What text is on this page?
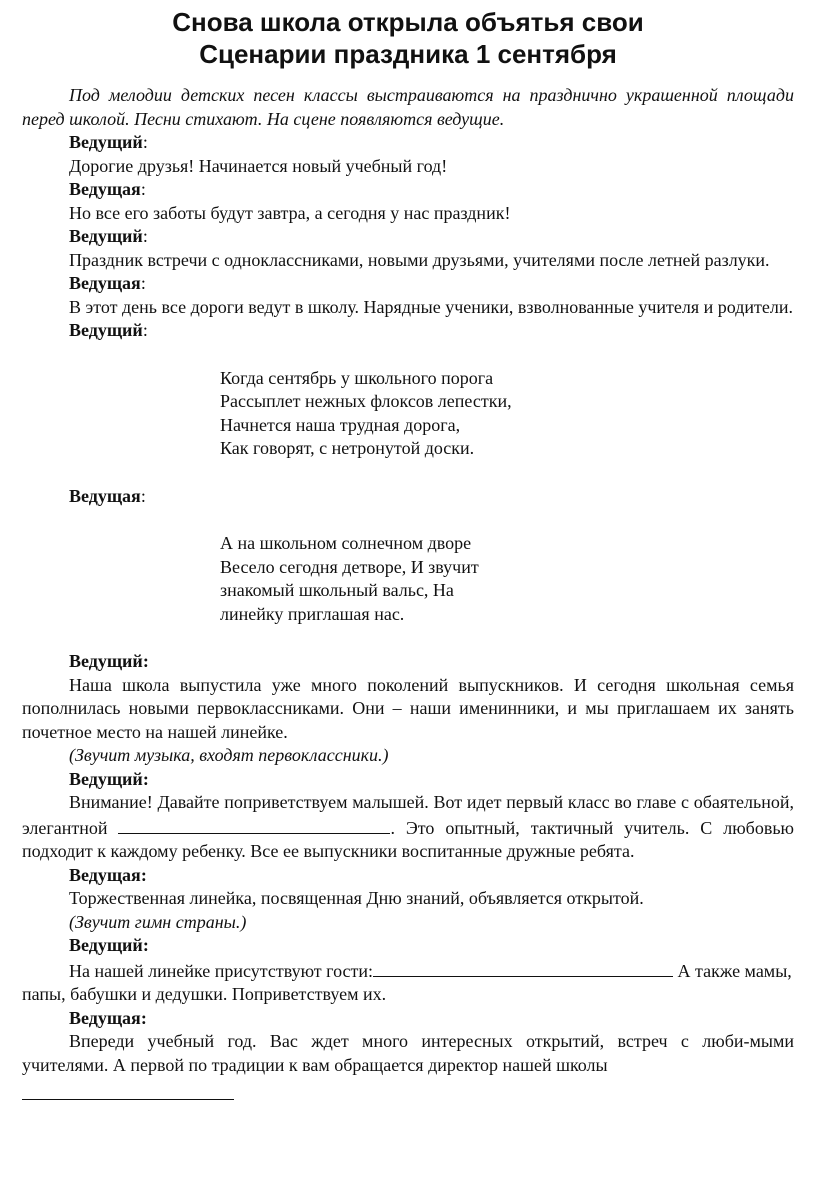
Снова школа открыла объятья свои
Сценарии праздника 1 сентября

Под мелодии детских песен классы выстраиваются на празднично украшенной площади перед школой. Песни стихают. На сцене появляются ведущие.

Ведущий:

Дорогие друзья! Начинается новый учебный год!

Ведущая:

Но все его заботы будут завтра, а сегодня у нас праздник!

Ведущий:

Праздник встречи с одноклассниками, новыми друзьями, учителями после летней разлуки.

Ведущая:

В этот день все дороги ведут в школу. Нарядные ученики, взволнованные учителя и родители.

Ведущий:

Когда сентябрь у школьного порога

Рассыплет нежных флоксов лепестки,

Начнется наша трудная дорога,

Как говорят, с нетронутой доски.

Ведущая:

А на школьном солнечном дворе

Весело сегодня детворе, И звучит

знакомый школьный вальс, На

линейку приглашая нас.

Ведущий:

Наша школа выпустила уже много поколений выпускников. И сегодня школьная семья пополнилась новыми первоклассниками. Они – наши именинники, и мы приглашаем их занять почетное место на нашей линейке.

(Звучит музыка, входят первоклассники.)

Ведущий:

Внимание! Давайте поприветствуем малышей. Вот идет первый класс во главе с обаятельной, элегантной	. Это опытный, тактичный учитель. С любовью подходит к каждому ребенку. Все ее выпускники воспитанные дружные ребята.

Ведущая:

Торжественная линейка, посвященная Дню знаний, объявляется открытой.

(Звучит гимн страны.)

Ведущий:

На нашей линейке присутствуют гости:	А также мамы, папы, бабушки и дедушки. Поприветствуем их.

Ведущая:

Впереди учебный год. Вас ждет много интересных открытий, встреч с люби-мыми учителями. А первой по традиции к вам обращается директор нашей школы
